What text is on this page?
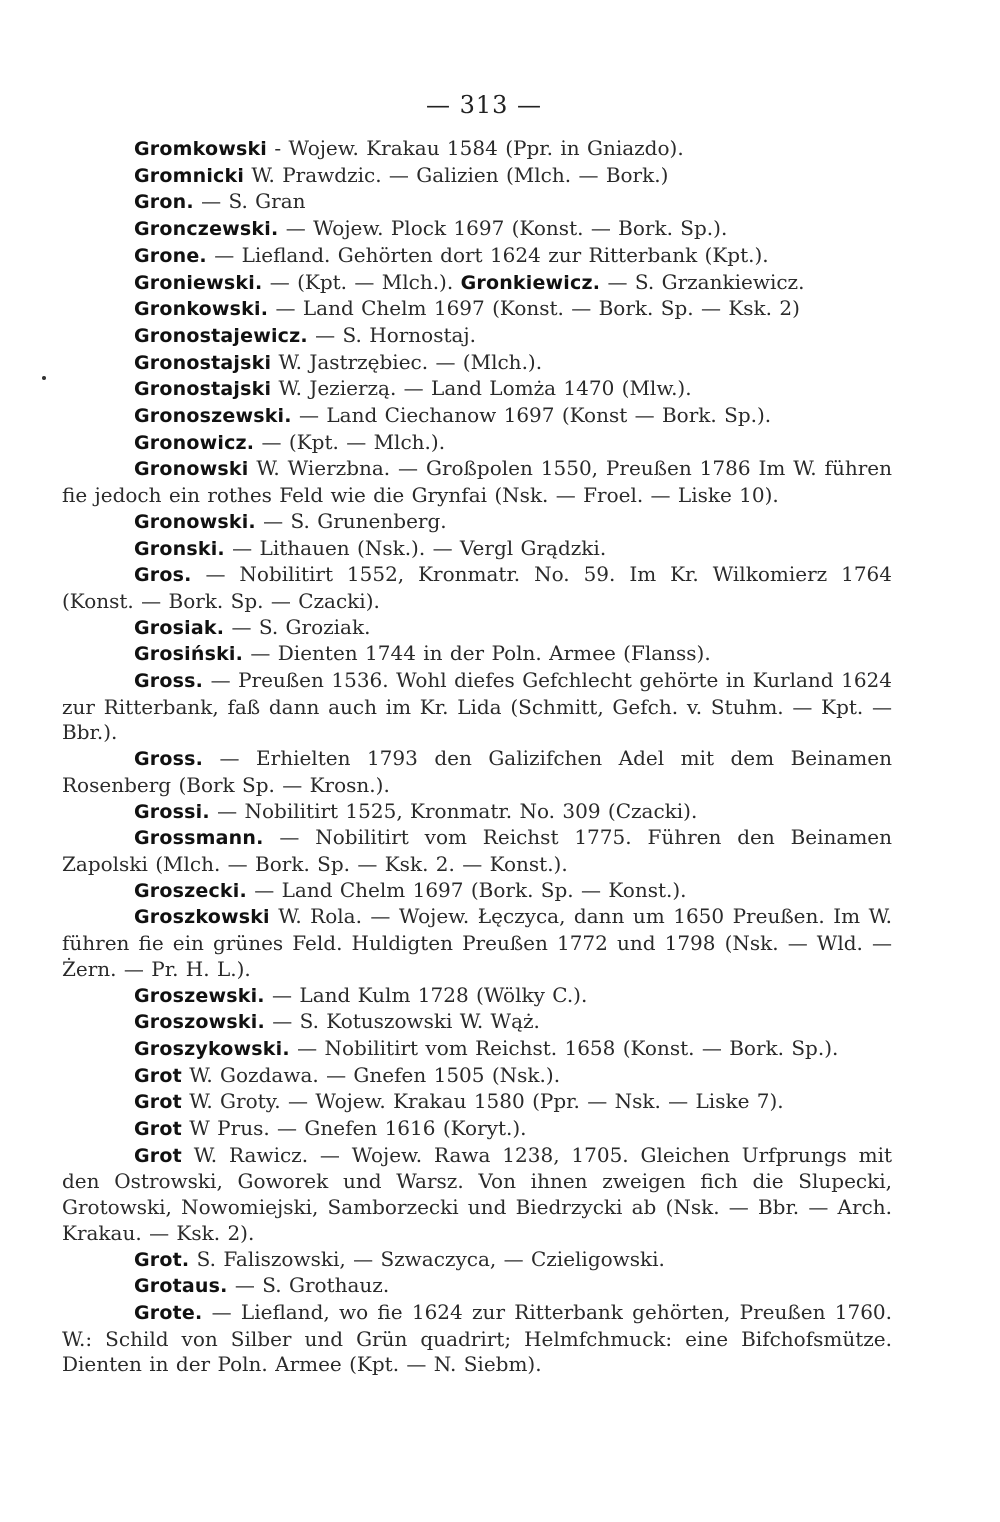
— 313 —

Gromkowski - Wojew. Krakau 1584 (Ppr. in Gniazdo).

Gromnicki W. Prawdzic. — Galizien (Mlch. — Bork.)

Gron. — S. Gran

Gronczewski. — Wojew. Plock 1697 (Konst. — Bork. Sp.).

Grone. — Liefland. Gehörten dort 1624 zur Ritterbank (Kpt.).

Groniewski. — (Kpt. — Mlch.). Gronkiewicz. — S. Grzankiewicz.

Gronkowski. — Land Chelm 1697 (Konst. — Bork. Sp. — Ksk. 2)

Gronostajewicz. — S. Hornostaj.

Gronostajski W. Jastrzębiec. — (Mlch.).

Gronostajski W. Jezierzą. — Land Lomża 1470 (Mlw.).

Gronoszewski. — Land Ciechanow 1697 (Konst — Bork. Sp.).

Gronowicz. — (Kpt. — Mlch.).

Gronowski W. Wierzbna. — Großpolen 1550, Preußen 1786 Im W. führen fie jedoch ein rothes Feld wie die Grynfai (Nsk. — Froel. — Liske 10).

Gronowski. — S. Grunenberg.

Gronski. — Lithauen (Nsk.). — Vergl Grądzki.

Gros. — Nobilitirt 1552, Kronmatr. No. 59. Im Kr. Wilkomierz 1764 (Konst. — Bork. Sp. — Czacki).

Grosiak. — S. Groziak.

Grosiński. — Dienten 1744 in der Poln. Armee (Flanss).

Gross. — Preußen 1536. Wohl diefes Gefchlecht gehörte in Kurland 1624 zur Ritterbank, faß dann auch im Kr. Lida (Schmitt, Gefch. v. Stuhm. — Kpt. — Bbr.).

Gross. — Erhielten 1793 den Galizifchen Adel mit dem Beinamen Rosenberg (Bork Sp. — Krosn.).

Grossi. — Nobilitirt 1525, Kronmatr. No. 309 (Czacki).

Grossmann. — Nobilitirt vom Reichst 1775. Führen den Beinamen Zapolski (Mlch. — Bork. Sp. — Ksk. 2. — Konst.).

Groszecki. — Land Chelm 1697 (Bork. Sp. — Konst.).

Groszkowski W. Rola. — Wojew. Łęczyca, dann um 1650 Preußen. Im W. führen fie ein grünes Feld. Huldigten Preußen 1772 und 1798 (Nsk. — Wld. — Żern. — Pr. H. L.).

Groszewski. — Land Kulm 1728 (Wölky C.).

Groszowski. — S. Kotuszowski W. Wąż.

Groszykowski. — Nobilitirt vom Reichst. 1658 (Konst. — Bork. Sp.).

Grot W. Gozdawa. — Gnefen 1505 (Nsk.).

Grot W. Groty. — Wojew. Krakau 1580 (Ppr. — Nsk. — Liske 7).

Grot W Prus. — Gnefen 1616 (Koryt.).

Grot W. Rawicz. — Wojew. Rawa 1238, 1705. Gleichen Urfprungs mit den Ostrowski, Goworek und Warsz. Von ihnen zweigen fich die Slupecki, Grotowski, Nowomiejski, Samborzecki und Biedrzycki ab (Nsk. — Bbr. — Arch. Krakau. — Ksk. 2).

Grot. S. Faliszowski, — Szwaczyca, — Czieligowski.

Grotaus. — S. Grothauz.

Grote. — Liefland, wo fie 1624 zur Ritterbank gehörten, Preußen 1760. W.: Schild von Silber und Grün quadrirt; Helmfchmuck: eine Bifchofsmütze. Dienten in der Poln. Armee (Kpt. — N. Siebm).
